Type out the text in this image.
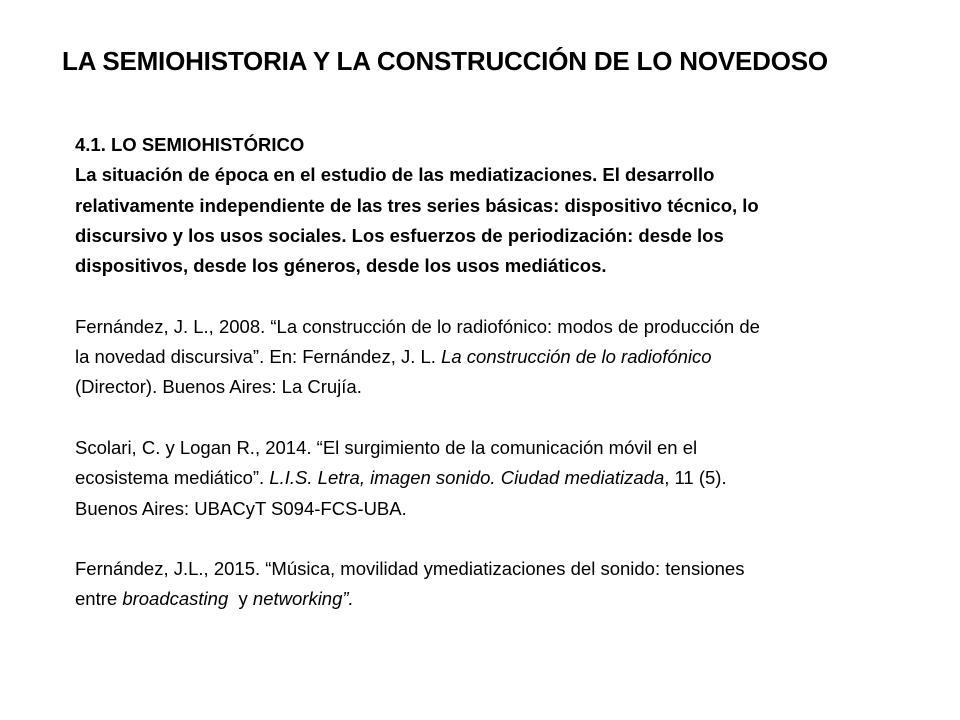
LA SEMIOHISTORIA Y LA CONSTRUCCIÓN DE LO NOVEDOSO
4.1. LO SEMIOHISTÓRICO
La situación de época en el estudio de las mediatizaciones. El desarrollo
relativamente independiente de las tres series básicas: dispositivo técnico, lo
discursivo y los usos sociales. Los esfuerzos de periodización: desde los
dispositivos, desde los géneros, desde los usos mediáticos.
Fernández, J. L., 2008. “La construcción de lo radiofónico: modos de producción de
la novedad discursiva”. En: Fernández, J. L. La construcción de lo radiofónico
(Director). Buenos Aires: La Crujía.
Scolari, C. y Logan R., 2014. “El surgimiento de la comunicación móvil en el
ecosistema mediático”. L.I.S. Letra, imagen sonido. Ciudad mediatizada, 11 (5).
Buenos Aires: UBACyT S094-FCS-UBA.
Fernández, J.L., 2015. “Música, movilidad ymediatizaciones del sonido: tensiones
entre broadcasting  y networking”.
